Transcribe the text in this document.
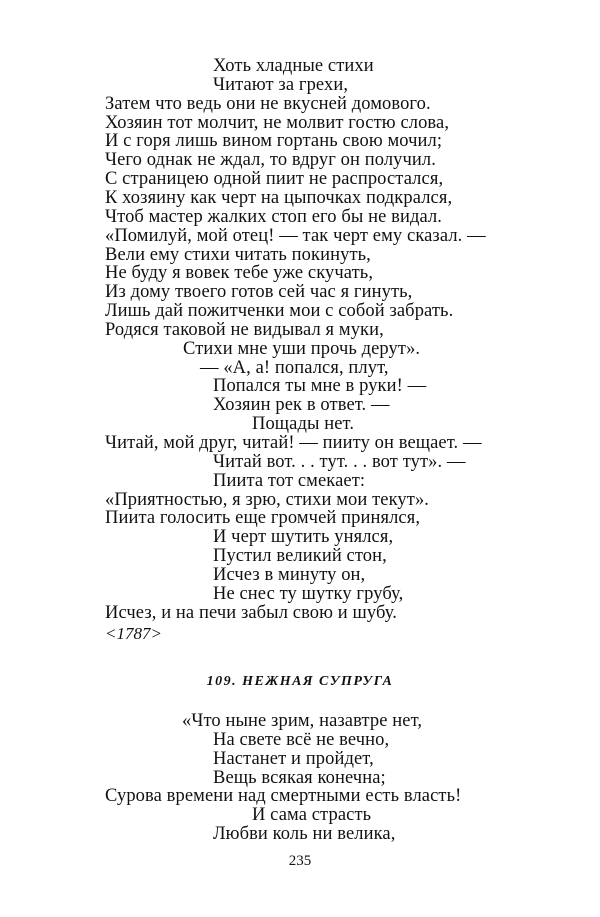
Хоть хладные стихи
Читают за грехи,
Затем что ведь они не вкусней домового.
Хозяин тот молчит, не молвит гостю слова,
И с горя лишь вином гортань свою мочил;
Чего однак не ждал, то вдруг он получил.
С страницею одной пиит не распростался,
К хозяину как черт на цыпочках подкрался,
Чтоб мастер жалких стоп его бы не видал.
«Помилуй, мой отец! — так черт ему сказал. —
Вели ему стихи читать покинуть,
Не буду я вовек тебе уже скучать,
Из дому твоего готов сей час я гинуть,
Лишь дай пожитченки мои с собой забрать.
Родяся таковой не видывал я муки,
Стихи мне уши прочь дерут».
— «А, а! попался, плут,
Попался ты мне в руки! —
Хозяин рек в ответ. —
Пощады нет.
Читай, мой друг, читай! — пииту он вещает. —
Читай вот. . . тут. . . вот тут». —
Пиита тот смекает:
«Приятностью, я зрю, стихи мои текут».
Пиита голосить еще громчей принялся,
И черт шутить унялся,
Пустил великий стон,
Исчез в минуту он,
Не снес ту шутку грубу,
Исчез, и на печи забыл свою и шубу.
<1787>
109. НЕЖНАЯ СУПРУГА
«Что ныне зрим, назавтре нет,
На свете всё не вечно,
Настанет и пройдет,
Вещь всякая конечна;
Сурова времени над смертными есть власть!
И сама страсть
Любви коль ни велика,
235
